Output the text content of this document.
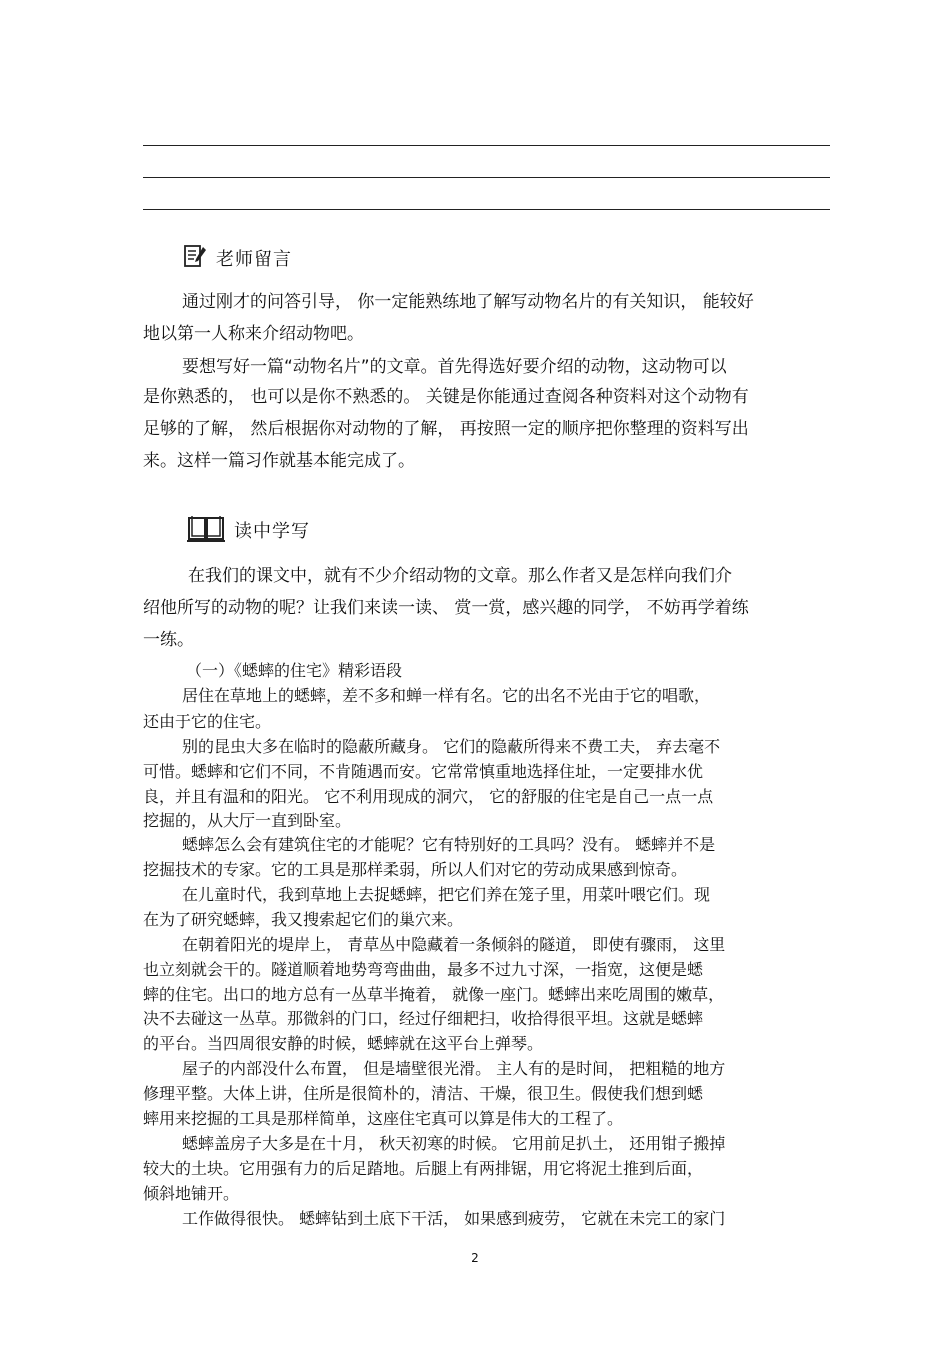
老师留言
通过刚才的问答引导， 你一定能熟练地了解写动物名片的有关知识， 能较好
地以第一人称来介绍动物吧。
要想写好一篇“动物名片”的文章。首先得选好要介绍的动物，这动物可以
是你熟悉的， 也可以是你不熟悉的。 关键是你能通过查阅各种资料对这个动物有
足够的了解， 然后根据你对动物的了解， 再按照一定的顺序把你整理的资料写出
来。这样一篇习作就基本能完成了。
读中学写
在我们的课文中，就有不少介绍动物的文章。那么作者又是怎样向我们介
绍他所写的动物的呢？让我们来读一读、 赏一赏，感兴趣的同学， 不妨再学着练
一练。
（一）《蟋蟀的住宅》精彩语段
居住在草地上的蟋蟀，差不多和蝉一样有名。它的出名不光由于它的唱歌，
还由于它的住宅。
别的昆虫大多在临时的隐蔽所藏身。 它们的隐蔽所得来不费工夫， 弃去毫不
可惜。蟋蟀和它们不同，不肯随遇而安。它常常慎重地选择住址，一定要排水优
良，并且有温和的阳光。 它不利用现成的洞穴， 它的舒服的住宅是自己一点一点
挖掘的，从大厅一直到卧室。
蟋蟀怎么会有建筑住宅的才能呢？它有特别好的工具吗？没有。 蟋蟀并不是
挖掘技术的专家。它的工具是那样柔弱，所以人们对它的劳动成果感到惊奇。
在儿童时代，我到草地上去捉蟋蟀，把它们养在笼子里，用菜叶喂它们。现
在为了研究蟋蟀，我又搜索起它们的巢穴来。
在朝着阳光的堤岸上， 青草丛中隐藏着一条倾斜的隧道， 即使有骤雨， 这里
也立刻就会干的。隧道顺着地势弯弯曲曲，最多不过九寸深，一指宽，这便是蟋
蟀的住宅。出口的地方总有一丛草半掩着， 就像一座门。蟋蟀出来吃周围的嫩草，
决不去碰这一丛草。那微斜的门口，经过仔细耙扫，收拾得很平坦。这就是蟋蟀
的平台。当四周很安静的时候，蟋蟀就在这平台上弹琴。
屋子的内部没什么布置， 但是墙壁很光滑。 主人有的是时间， 把粗糙的地方
修理平整。大体上讲，住所是很简朴的，清洁、干燥，很卫生。假使我们想到蟋
蟀用来挖掘的工具是那样简单，这座住宅真可以算是伟大的工程了。
蟋蟀盖房子大多是在十月， 秋天初寒的时候。 它用前足扒土， 还用钳子搬掉
较大的土块。它用强有力的后足踏地。后腿上有两排锯，用它将泥土推到后面，
倾斜地铺开。
工作做得很快。 蟋蟀钻到土底下干活， 如果感到疲劳， 它就在未完工的家门
2
